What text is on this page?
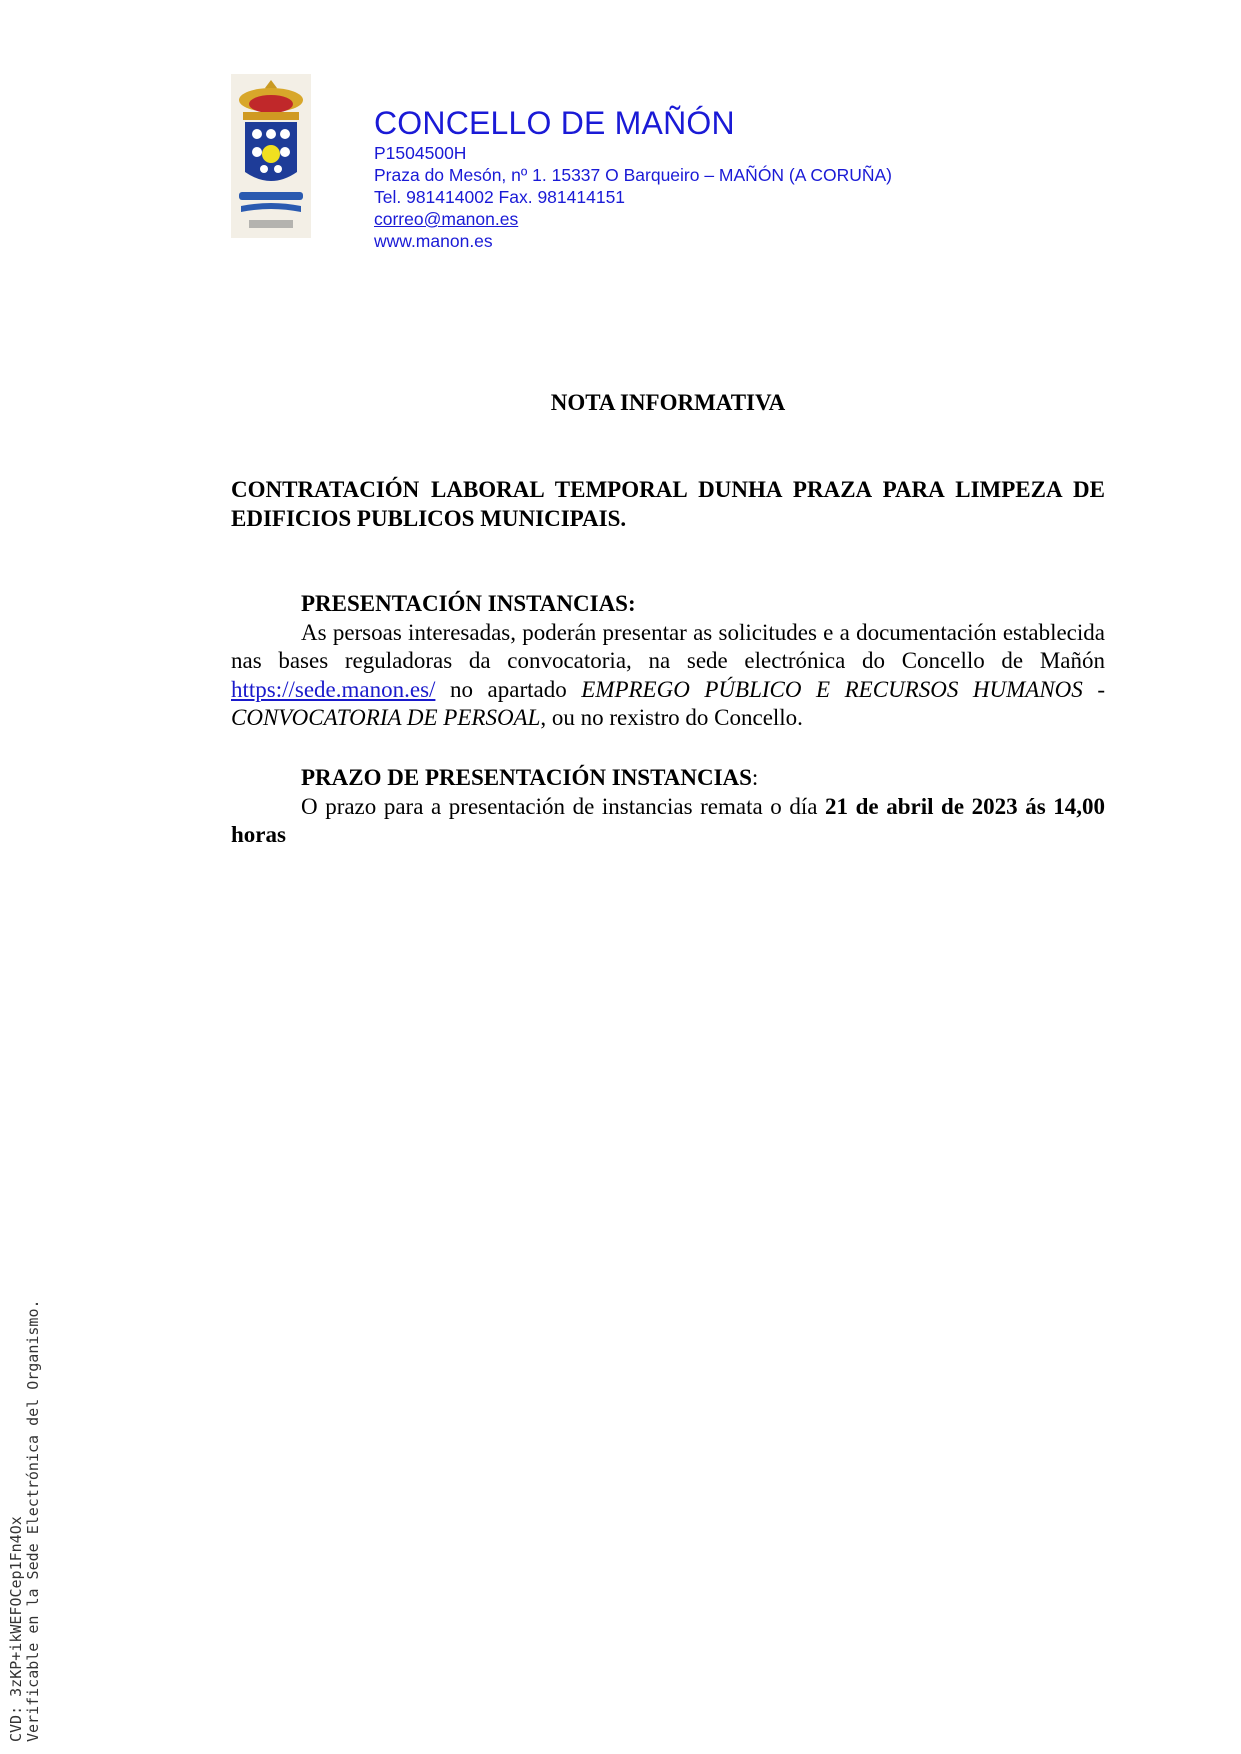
CONCELLO DE MAÑÓN
P1504500H
Praza do Mesón, nº 1. 15337 O Barqueiro – MAÑÓN (A CORUÑA)
Tel. 981414002 Fax. 981414151
correo@manon.es
www.manon.es
NOTA INFORMATIVA
CONTRATACIÓN LABORAL TEMPORAL DUNHA PRAZA PARA LIMPEZA DE EDIFICIOS PUBLICOS MUNICIPAIS.
PRESENTACIÓN INSTANCIAS:
As persoas interesadas, poderán presentar as solicitudes e a documentación establecida nas bases reguladoras da convocatoria, na sede electrónica do Concello de Mañón https://sede.manon.es/ no apartado EMPREGO PÚBLICO E RECURSOS HUMANOS - CONVOCATORIA DE PERSOAL, ou no rexistro do Concello.
PRAZO DE PRESENTACIÓN INSTANCIAS:
O prazo para a presentación de instancias remata o día 21 de abril de 2023 ás 14,00 horas
CVD: 3zKP+ikWEFOCep1Fn4Ox Verificable en la Sede Electrónica del Organismo.
